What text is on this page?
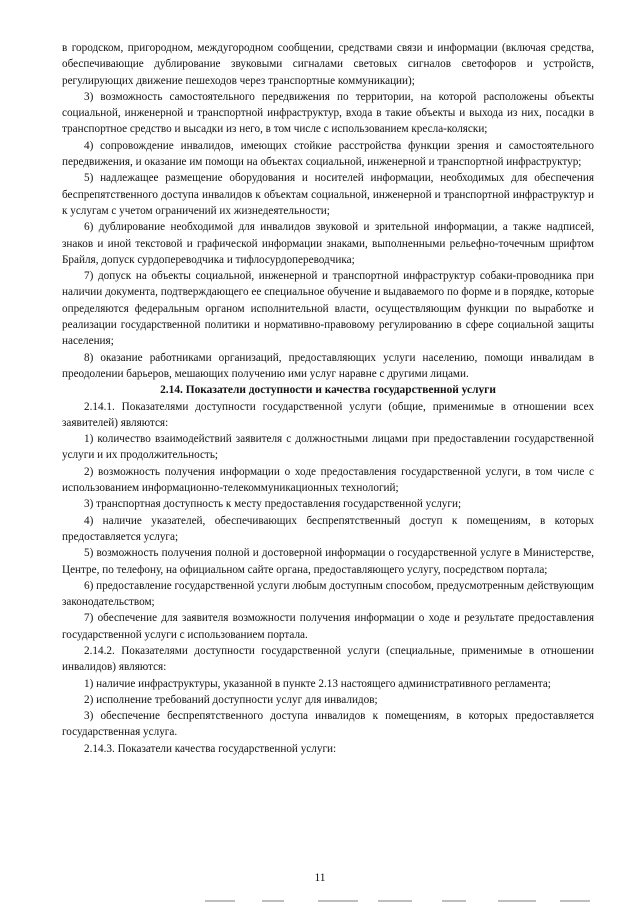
в городском, пригородном, междугородном сообщении, средствами связи и информации (включая средства, обеспечивающие дублирование звуковыми сигналами световых сигналов светофоров и устройств, регулирующих движение пешеходов через транспортные коммуникации);

3) возможность самостоятельного передвижения по территории, на которой расположены объекты социальной, инженерной и транспортной инфраструктур, входа в такие объекты и выхода из них, посадки в транспортное средство и высадки из него, в том числе с использованием кресла-коляски;

4) сопровождение инвалидов, имеющих стойкие расстройства функции зрения и самостоятельного передвижения, и оказание им помощи на объектах социальной, инженерной и транспортной инфраструктур;

5) надлежащее размещение оборудования и носителей информации, необходимых для обеспечения беспрепятственного доступа инвалидов к объектам социальной, инженерной и транспортной инфраструктур и к услугам с учетом ограничений их жизнедеятельности;

6) дублирование необходимой для инвалидов звуковой и зрительной информации, а также надписей, знаков и иной текстовой и графической информации знаками, выполненными рельефно-точечным шрифтом Брайля, допуск сурдопереводчика и тифлосурдопереводчика;

7) допуск на объекты социальной, инженерной и транспортной инфраструктур собаки-проводника при наличии документа, подтверждающего ее специальное обучение и выдаваемого по форме и в порядке, которые определяются федеральным органом исполнительной власти, осуществляющим функции по выработке и реализации государственной политики и нормативно-правовому регулированию в сфере социальной защиты населения;

8) оказание работниками организаций, предоставляющих услуги населению, помощи инвалидам в преодолении барьеров, мешающих получению ими услуг наравне с другими лицами.

2.14. Показатели доступности и качества государственной услуги

2.14.1. Показателями доступности государственной услуги (общие, применимые в отношении всех заявителей) являются:

1) количество взаимодействий заявителя с должностными лицами при предоставлении государственной услуги и их продолжительность;

2) возможность получения информации о ходе предоставления государственной услуги, в том числе с использованием информационно-телекоммуникационных технологий;

3) транспортная доступность к месту предоставления государственной услуги;

4) наличие указателей, обеспечивающих беспрепятственный доступ к помещениям, в которых предоставляется услуга;

5) возможность получения полной и достоверной информации о государственной услуге в Министерстве, Центре, по телефону, на официальном сайте органа, предоставляющего услугу, посредством портала;

6) предоставление государственной услуги любым доступным способом, предусмотренным действующим законодательством;

7) обеспечение для заявителя возможности получения информации о ходе и результате предоставления государственной услуги с использованием портала.

2.14.2. Показателями доступности государственной услуги (специальные, применимые в отношении инвалидов) являются:

1) наличие инфраструктуры, указанной в пункте 2.13 настоящего административного регламента;

2) исполнение требований доступности услуг для инвалидов;

3) обеспечение беспрепятственного доступа инвалидов к помещениям, в которых предоставляется государственная услуга.

2.14.3. Показатели качества государственной услуги:

11
